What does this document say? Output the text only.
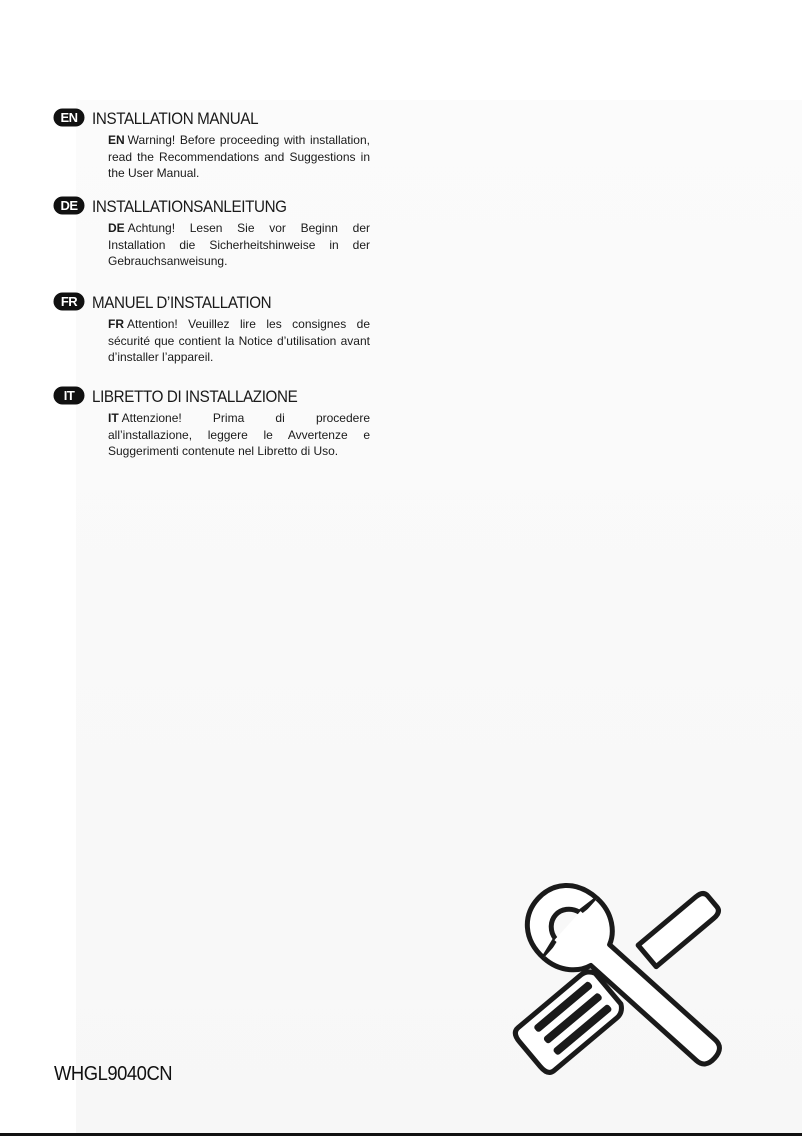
EN INSTALLATION MANUAL
EN Warning! Before proceeding with installation, read the Recommendations and Suggestions in the User Manual.
DE INSTALLATIONSANLEITUNG
DE Achtung! Lesen Sie vor Beginn der Installation die Sicherheitshinweise in der Gebrauchsanweisung.
FR MANUEL D’INSTALLATION
FR Attention! Veuillez lire les consignes de sécurité que contient la Notice d’utilisation avant d’installer l’appareil.
IT LIBRETTO DI INSTALLAZIONE
IT Attenzione! Prima di procedere all’installazione, leggere le Avvertenze e Suggerimenti contenute nel Libretto di Uso.
WHGL9040CN
